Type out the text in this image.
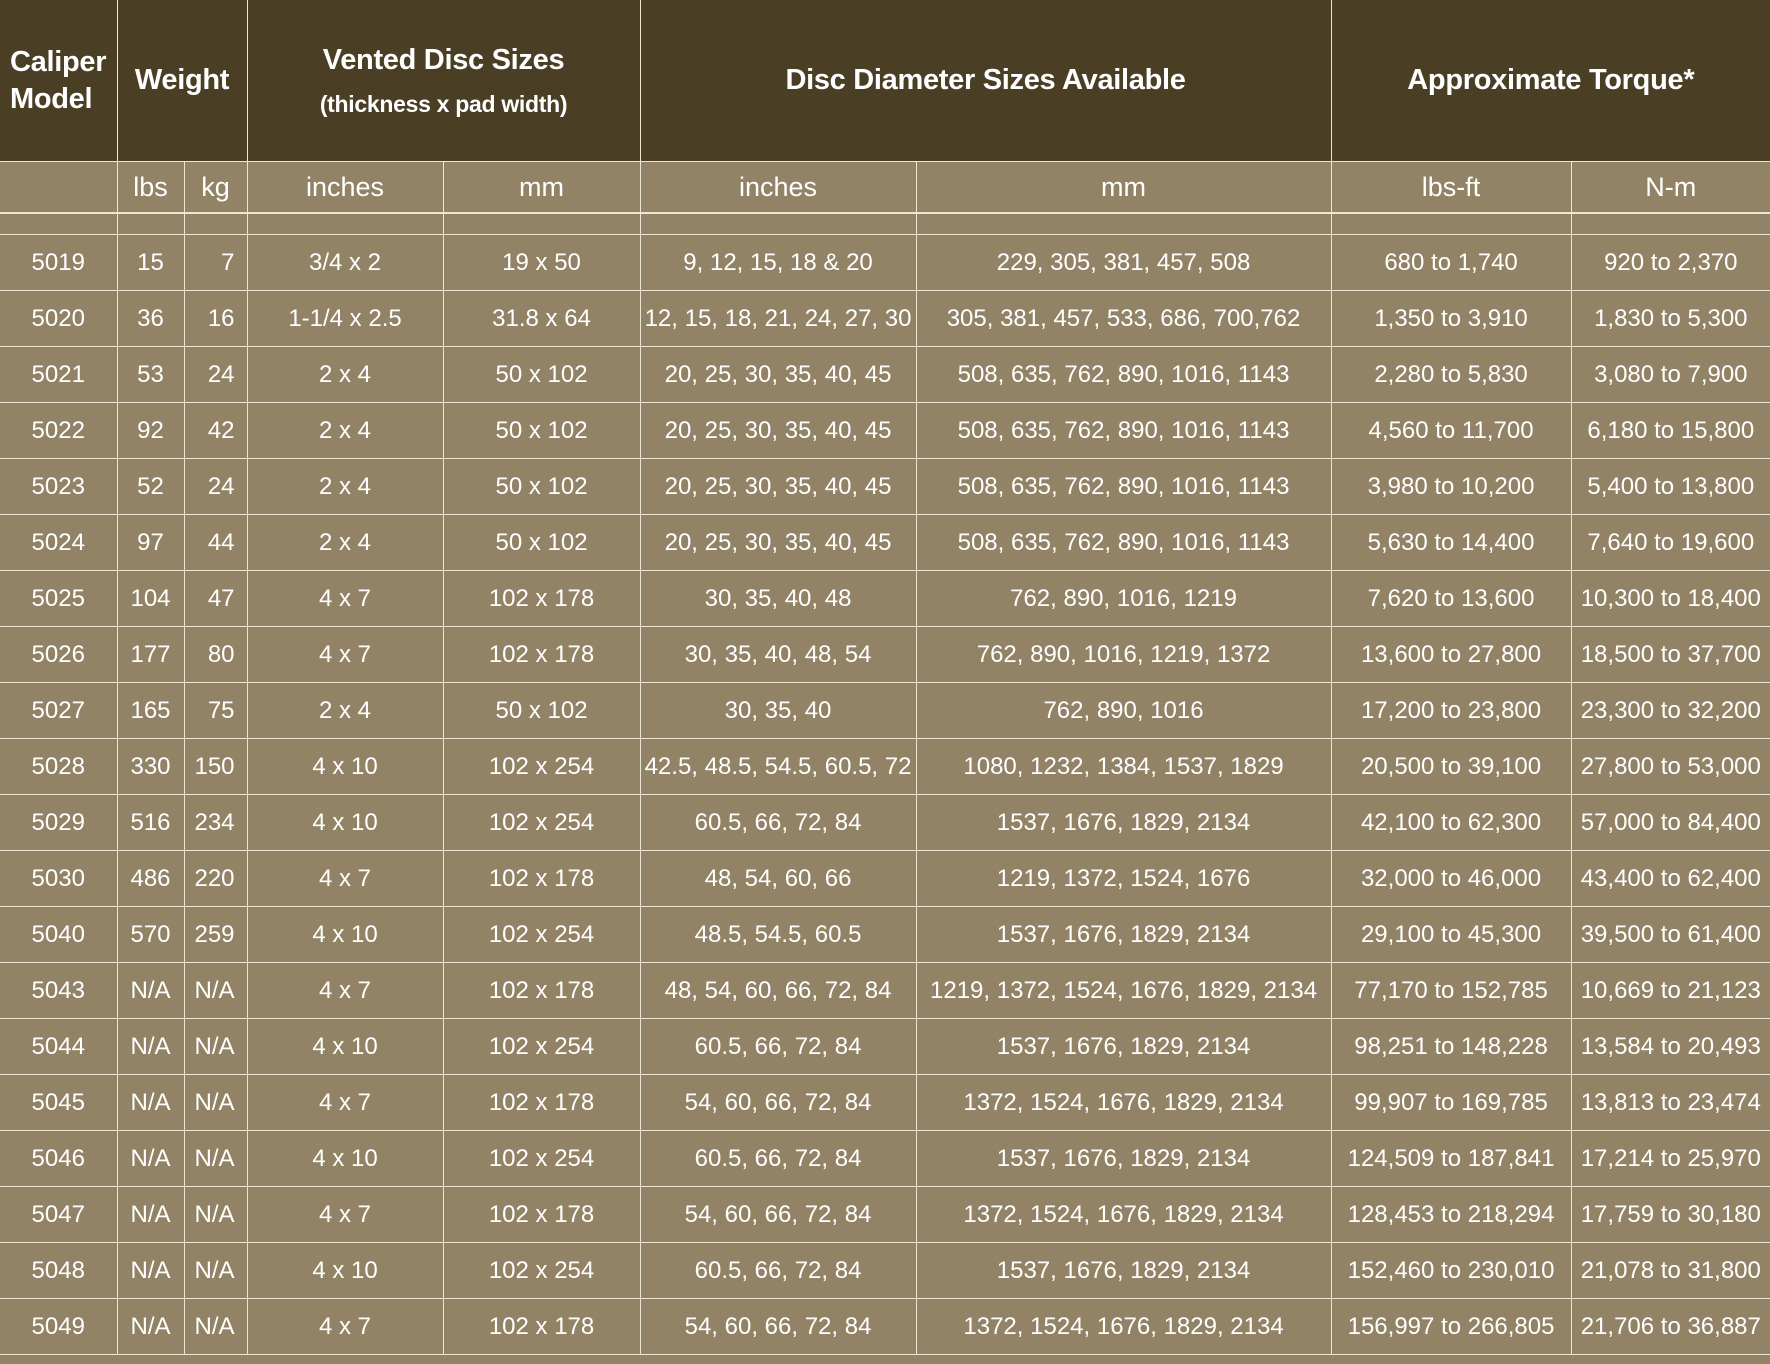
Caliper Model	Weight		Vented Disc Sizes
(thickness x pad width)		Disc Diameter Sizes Available		Approximate Torque*	
	lbs	kg	inches	mm	inches	mm	lbs-ft	N-m

5019	15	7	3/4 x 2	19 x 50	9, 12, 15, 18 & 20	229, 305, 381, 457, 508	680 to 1,740	920 to 2,370
5020	36	16	1-1/4 x 2.5	31.8 x 64	12, 15, 18, 21, 24, 27, 30	305, 381, 457, 533, 686, 700,762	1,350 to 3,910	1,830 to 5,300
5021	53	24	2 x 4	50 x 102	20, 25, 30, 35, 40, 45	508, 635, 762, 890, 1016, 1143	2,280 to 5,830	3,080 to 7,900
5022	92	42	2 x 4	50 x 102	20, 25, 30, 35, 40, 45	508, 635, 762, 890, 1016, 1143	4,560 to 11,700	6,180 to 15,800
5023	52	24	2 x 4	50 x 102	20, 25, 30, 35, 40, 45	508, 635, 762, 890, 1016, 1143	3,980 to 10,200	5,400 to 13,800
5024	97	44	2 x 4	50 x 102	20, 25, 30, 35, 40, 45	508, 635, 762, 890, 1016, 1143	5,630 to 14,400	7,640 to 19,600
5025	104	47	4 x 7	102 x 178	30, 35, 40, 48	762, 890, 1016, 1219	7,620 to 13,600	10,300 to 18,400
5026	177	80	4 x 7	102 x 178	30, 35, 40, 48, 54	762, 890, 1016, 1219, 1372	13,600 to 27,800	18,500 to 37,700
5027	165	75	2 x 4	50 x 102	30, 35, 40	762, 890, 1016	17,200 to 23,800	23,300 to 32,200
5028	330	150	4 x 10	102 x 254	42.5, 48.5, 54.5, 60.5, 72	1080, 1232, 1384, 1537, 1829	20,500 to 39,100	27,800 to 53,000
5029	516	234	4 x 10	102 x 254	60.5, 66, 72, 84	1537, 1676, 1829, 2134	42,100 to 62,300	57,000 to 84,400
5030	486	220	4 x 7	102 x 178	48, 54, 60, 66	1219, 1372, 1524, 1676	32,000 to 46,000	43,400 to 62,400
5040	570	259	4 x 10	102 x 254	48.5, 54.5, 60.5	1537, 1676, 1829, 2134	29,100 to 45,300	39,500 to 61,400
5043	N/A	N/A	4 x 7	102 x 178	48, 54, 60, 66, 72, 84	1219, 1372, 1524, 1676, 1829, 2134	77,170 to 152,785	10,669 to 21,123
5044	N/A	N/A	4 x 10	102 x 254	60.5, 66, 72, 84	1537, 1676, 1829, 2134	98,251 to 148,228	13,584 to 20,493
5045	N/A	N/A	4 x 7	102 x 178	54, 60, 66, 72, 84	1372, 1524, 1676, 1829, 2134	99,907 to 169,785	13,813 to 23,474
5046	N/A	N/A	4 x 10	102 x 254	60.5, 66, 72, 84	1537, 1676, 1829, 2134	124,509 to 187,841	17,214 to 25,970
5047	N/A	N/A	4 x 7	102 x 178	54, 60, 66, 72, 84	1372, 1524, 1676, 1829, 2134	128,453 to 218,294	17,759 to 30,180
5048	N/A	N/A	4 x 10	102 x 254	60.5, 66, 72, 84	1537, 1676, 1829, 2134	152,460 to 230,010	21,078 to 31,800
5049	N/A	N/A	4 x 7	102 x 178	54, 60, 66, 72, 84	1372, 1524, 1676, 1829, 2134	156,997 to 266,805	21,706 to 36,887
